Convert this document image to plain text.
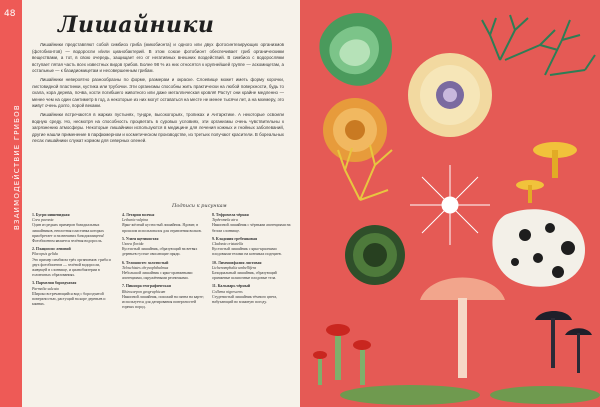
48
ВЗАИМОДЕЙСТВИЕ ГРИБОВ
Лишайники

Лишайники представляют собой симбиоз гриба (микобионта) и одного или двух фотосинтезирующих организмов (фотобионтов) — водоросли и/или цианобактерий. В этом союзе фотобионт обеспечивает гриб органическими веществами, а тот, в свою очередь, защищает его от негативных внешних воздействий. В симбиоз с водорослями вступает пятая часть всех известных видов грибов. Более 98 % из них относятся к крупнейшей группе — аскомицетам, а остальные — к базидиомицетам и несовершенным грибам.

Лишайники невероятно разнообразны по форме, размерам и окраске. Слоевище может иметь форму корочки, листовидной пластинки, кустика или трубочки. Эти организмы способны жить практически на любой поверхности, будь то скала, кора дерева, почва, кости погибшего животного или даже металлическая кровля! Растут они крайне медленно — менее чем на один сантиметр в год, а некоторые из них могут оставаться на месте не менее тысячи лет, а на мхемеру, это живут очень долго, порой веками.

Лишайники встречаются в жарких пустынях, тундре, высокогорьях, тропиках и Антарктике. А некоторые освоили водную среду. Но, несмотря на способность процветать в суровых условиях, эти организмы очень чувствительны к загрязнению атмосферы. Некоторые лишайники используются в медицине для лечения кожных и гнойных заболеваний, другие нашли применение в парфюмерном и косметическом производстве, из третьих получают красители. В бореальных лесах лишайники служат кормом для северных оленей.

Подписи к рисункам
1. Бугри нишевидная
Cora pavonia
Один из редких примеров базидиальных лишайников, неплотная пластинка которых приобретает и на внешних базидиомицеты! Фотобионтом является зелёная водоросль.
2. Плацопсис леповий
Placopsis gelida
Это пример симбиоза трёх организмов: гриба и двух фотобионтов — зелёной водоросли, живущей в слоевище, и цианобактерии в головчатых образованиях.
3. Пармелия бороздчатая
Parmelia sulcata
Широко встречающийся вид с бороздчатой поверхностью, растущий на коре деревьев и камнях.
4. Летария волчья
Letharia vulpina
Ярко-жёлтый кустистый лишайник. Ядовит, в прошлом использовался для отравления волков.
5. Усиея щетинистая
Usnea florida
Кустистый лишайник, образующий на ветвях деревьев густые свисающие пряди.
6. Телошистес золотистый
Teloschistes chrysophthalmus
Небольшой лишайник с ярко-оранжевыми апотециями, окружёнными ресничками.
7. Пикнора географическая
Rhizocarpon geographicum
Накипной лишайник, похожий на пятна на карте; используется для датирования поверхностей горных пород.
8. Тефромела чёрная
Tephromela atra
Накипной лишайник с чёрными апотециями на белом слоевище.
9. Кладония гребешковая
Cladonia cristatella
Кустистый лишайник с ярко-красными плодовыми телами на кончиках подециев.
10. Лихеномфалия листовая
Lichenomphalia umbellifera
Базидиальный лишайник, образующий оранжевые шляпочные плодовые тела.
11. Кальмарь чёрный
Collema nigrescens
Студенистый лишайник тёмного цвета, набухающий во влажную погоду.
